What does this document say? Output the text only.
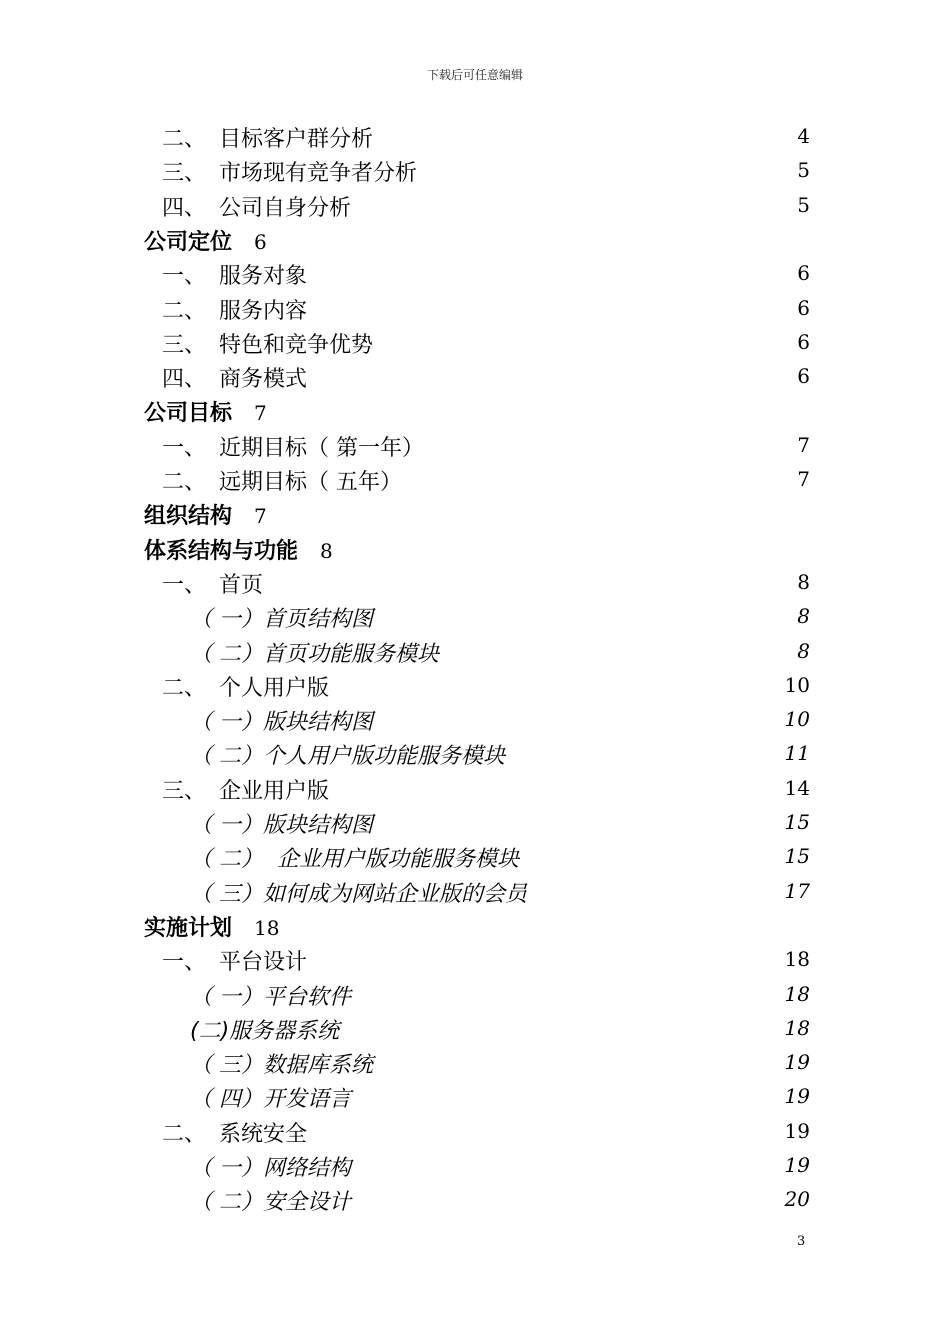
下载后可任意编辑
二、 目标客户群分析	4
三、 市场现有竞争者分析	5
四、 公司自身分析	5
公司定位 6
一、 服务对象	6
二、 服务内容	6
三、 特色和竞争优势	6
四、 商务模式	6
公司目标 7
一、 近期目标（ 第一年）	7
二、 远期目标（ 五年）	7
组织结构 7
体系结构与功能 8
一、 首页	8
（ 一）首页结构图	8
（ 二）首页功能服务模块	8
二、 个人用户版	10
（ 一）版块结构图	10
（ 二）个人用户版功能服务模块	11
三、 企业用户版	14
（ 一）版块结构图	15
（ 二）  企业用户版功能服务模块	15
（ 三）如何成为网站企业版的会员	17
实施计划 18
一、 平台设计	18
（ 一）平台软件	18
(二)服务器系统	18
（ 三）数据库系统	19
（ 四）开发语言	19
二、 系统安全	19
（ 一）网络结构	19
（ 二）安全设计	20
3
